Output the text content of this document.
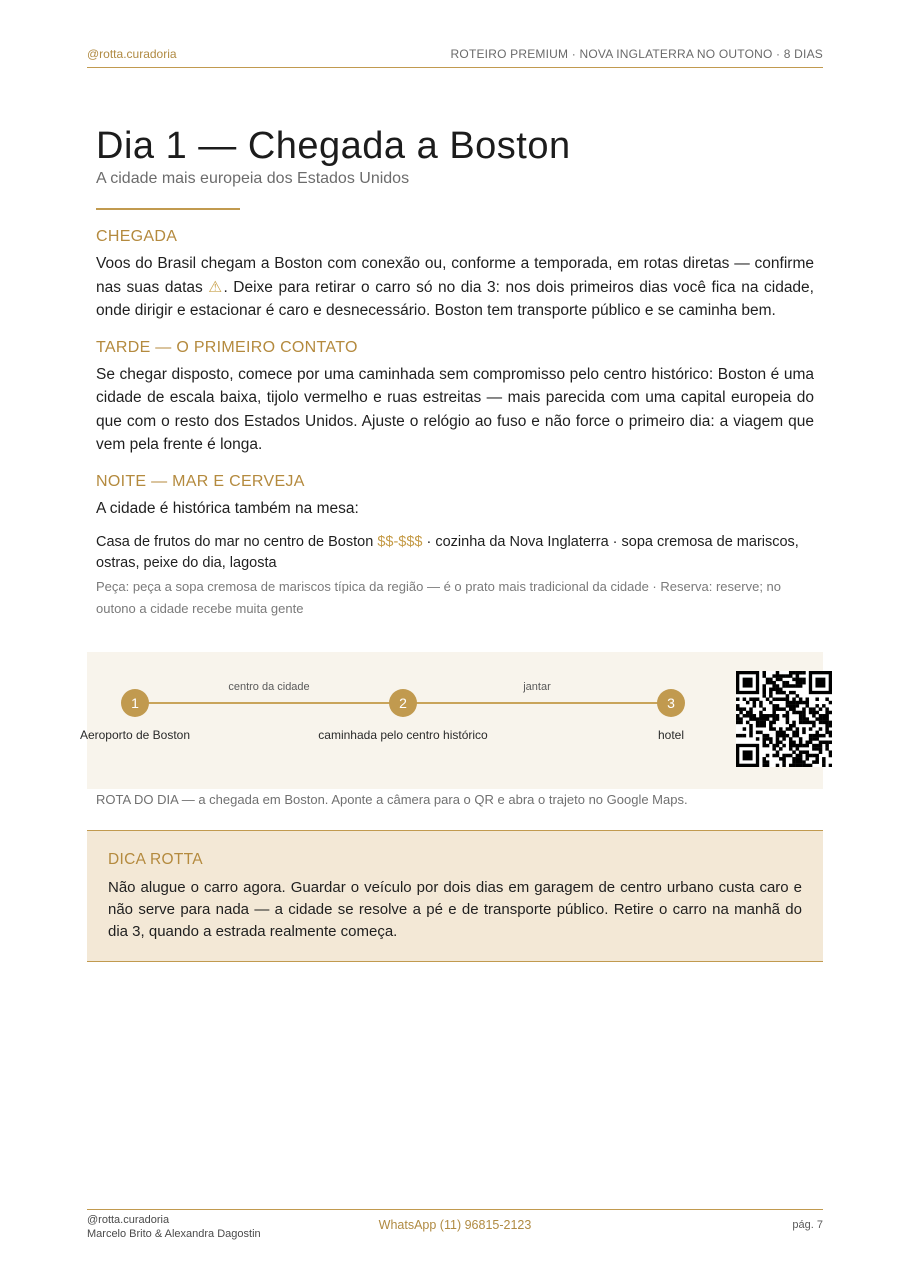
@rotta.curadoria	ROTEIRO PREMIUM · NOVA INGLATERRA NO OUTONO · 8 DIAS
Dia 1 — Chegada a Boston
A cidade mais europeia dos Estados Unidos
CHEGADA

Voos do Brasil chegam a Boston com conexão ou, conforme a temporada, em rotas diretas — confirme nas suas datas ⚠. Deixe para retirar o carro só no dia 3: nos dois primeiros dias você fica na cidade, onde dirigir e estacionar é caro e desnecessário. Boston tem transporte público e se caminha bem.

TARDE — O PRIMEIRO CONTATO

Se chegar disposto, comece por uma caminhada sem compromisso pelo centro histórico: Boston é uma cidade de escala baixa, tijolo vermelho e ruas estreitas — mais parecida com uma capital europeia do que com o resto dos Estados Unidos. Ajuste o relógio ao fuso e não force o primeiro dia: a viagem que vem pela frente é longa.

NOITE — MAR E CERVEJA

A cidade é histórica também na mesa:

Casa de frutos do mar no centro de Boston $$-$$$ · cozinha da Nova Inglaterra · sopa cremosa de mariscos, ostras, peixe do dia, lagosta
Peça: peça a sopa cremosa de mariscos típica da região — é o prato mais tradicional da cidade · Reserva: reserve; no outono a cidade recebe muita gente
centro da cidade	jantar
1	2	3
Aeroporto de Boston	caminhada pelo centro histórico	hotel
ROTA DO DIA — a chegada em Boston. Aponte a câmera para o QR e abra o trajeto no Google Maps.
DICA ROTTA

Não alugue o carro agora. Guardar o veículo por dois dias em garagem de centro urbano custa caro e não serve para nada — a cidade se resolve a pé e de transporte público. Retire o carro na manhã do dia 3, quando a estrada realmente começa.

@rotta.curadoria
Marcelo Brito & Alexandra Dagostin
WhatsApp (11) 96815-2123	pág. 7
